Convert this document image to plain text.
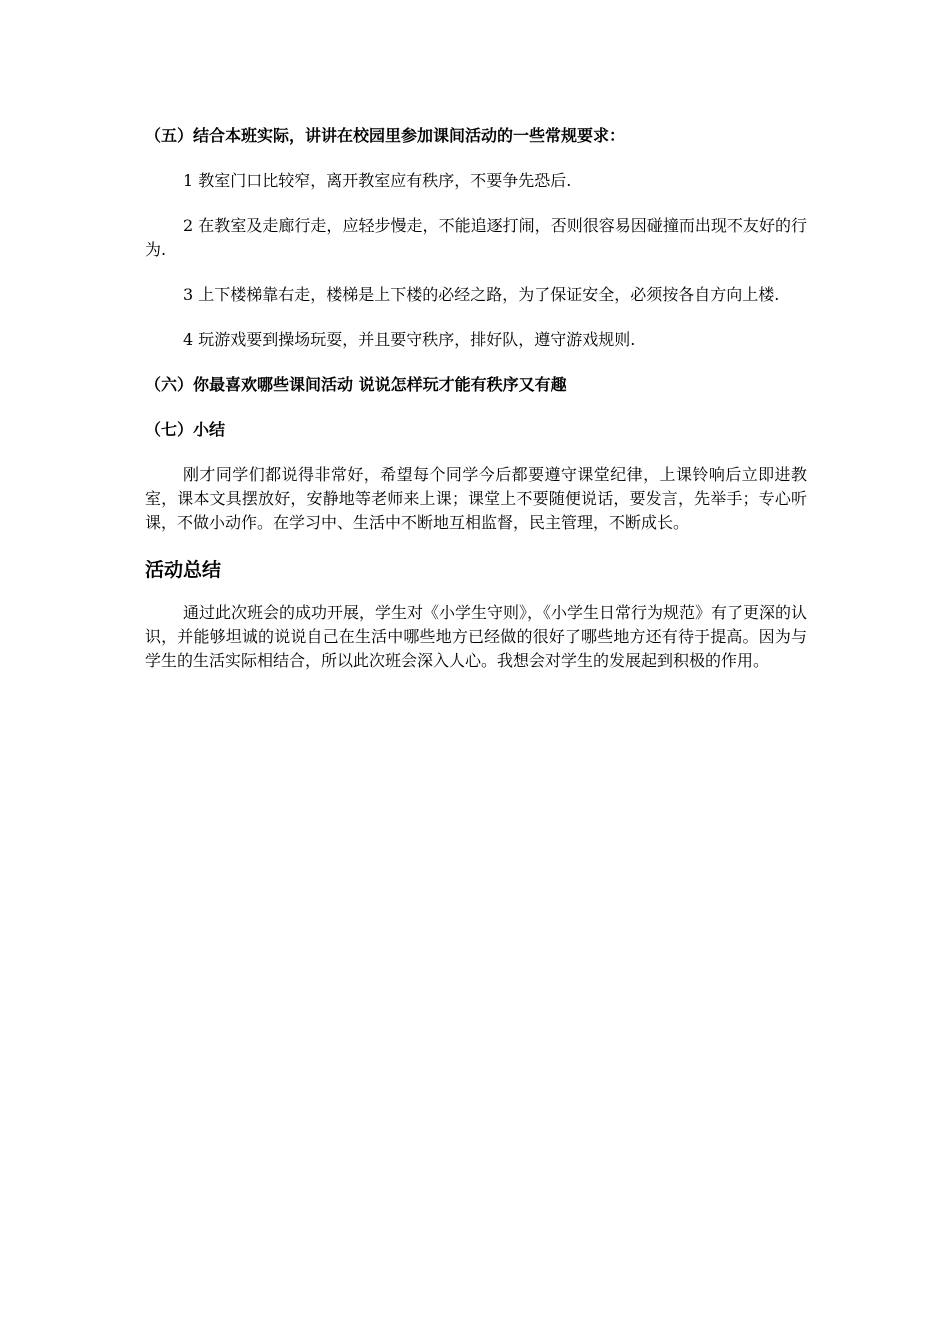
（五）结合本班实际，讲讲在校园里参加课间活动的一些常规要求：

1 教室门口比较窄，离开教室应有秩序，不要争先恐后.

2 在教室及走廊行走，应轻步慢走，不能追逐打闹，否则很容易因碰撞而出现不友好的行为.

3 上下楼梯靠右走，楼梯是上下楼的必经之路，为了保证安全，必须按各自方向上楼.

4 玩游戏要到操场玩耍，并且要守秩序，排好队，遵守游戏规则.

（六）你最喜欢哪些课间活动 说说怎样玩才能有秩序又有趣
（七）小结

刚才同学们都说得非常好，希望每个同学今后都要遵守课堂纪律，上课铃响后立即进教室，课本文具摆放好，安静地等老师来上课；课堂上不要随便说话，要发言，先举手；专心听课，不做小动作。在学习中、生活中不断地互相监督，民主管理，不断成长。

活动总结

通过此次班会的成功开展，学生对《小学生守则》，《小学生日常行为规范》有了更深的认识，并能够坦诚的说说自己在生活中哪些地方已经做的很好了哪些地方还有待于提高。因为与学生的生活实际相结合，所以此次班会深入人心。我想会对学生的发展起到积极的作用。
